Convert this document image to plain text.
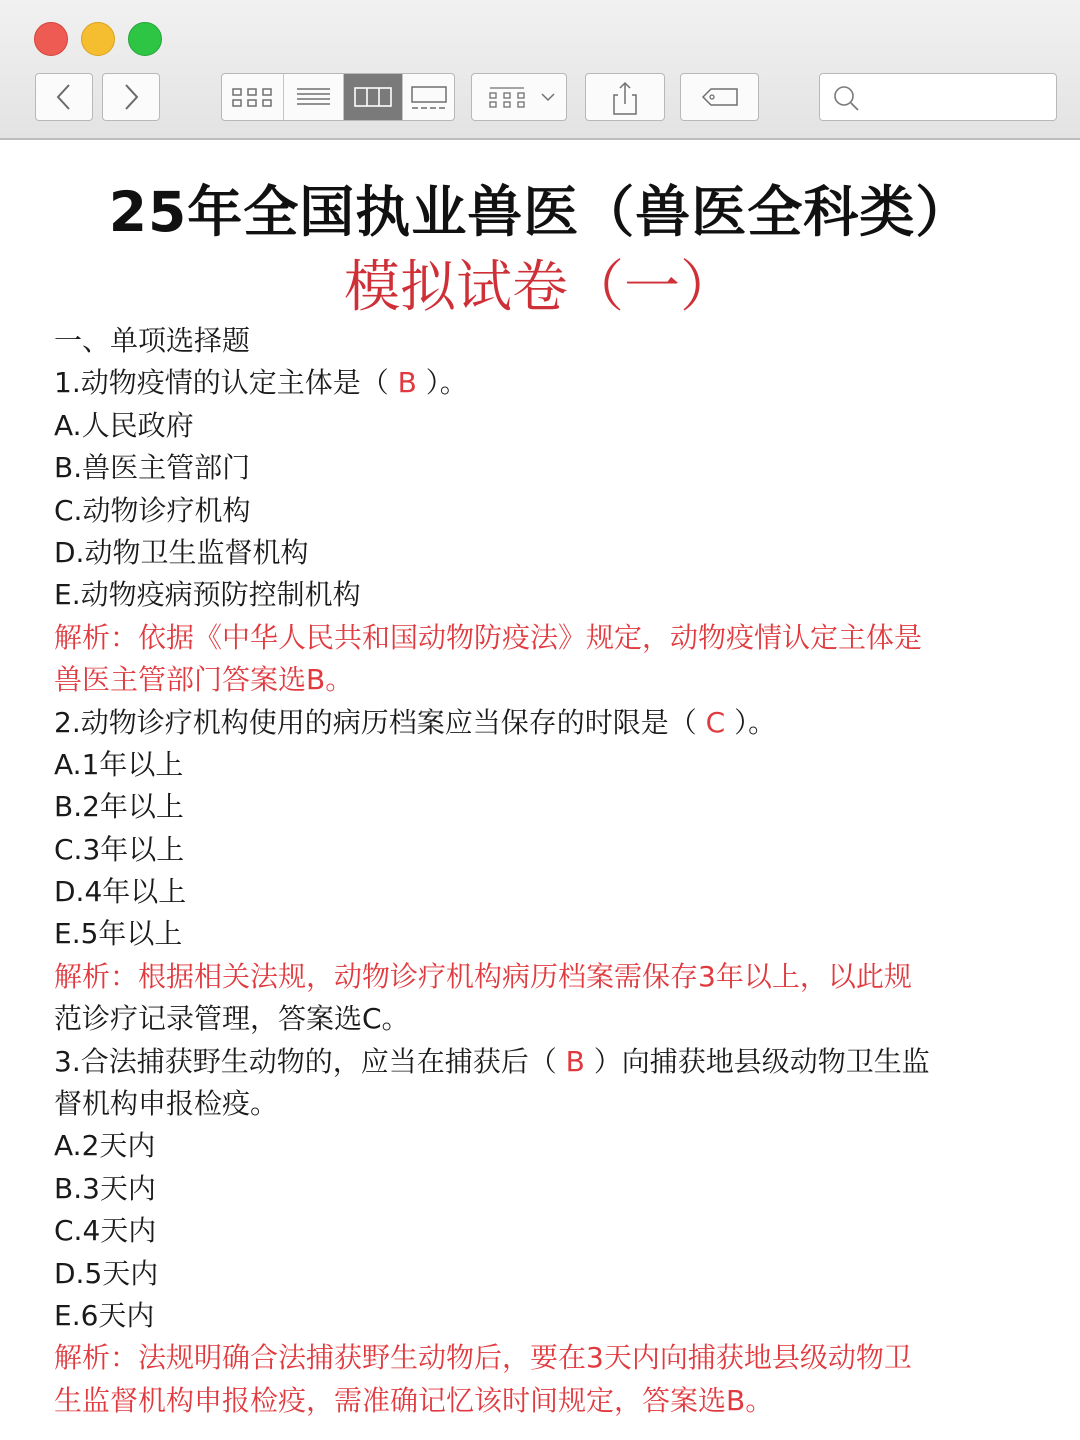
25年全国执业兽医（兽医全科类）
模拟试卷（一）
一、单项选择题
1.动物疫情的认定主体是（ B ）。
A.人民政府
B.兽医主管部门
C.动物诊疗机构
D.动物卫生监督机构
E.动物疫病预防控制机构
解析：依据《中华人民共和国动物防疫法》规定，动物疫情认定主体是
兽医主管部门答案选B。
2.动物诊疗机构使用的病历档案应当保存的时限是（ C ）。
A.1年以上
B.2年以上
C.3年以上
D.4年以上
E.5年以上
解析：根据相关法规，动物诊疗机构病历档案需保存3年以上，以此规
范诊疗记录管理，答案选C。
3.合法捕获野生动物的，应当在捕获后（ B ）向捕获地县级动物卫生监
督机构申报检疫。
A.2天内
B.3天内
C.4天内
D.5天内
E.6天内
解析：法规明确合法捕获野生动物后，要在3天内向捕获地县级动物卫
生监督机构申报检疫，需准确记忆该时间规定，答案选B。
